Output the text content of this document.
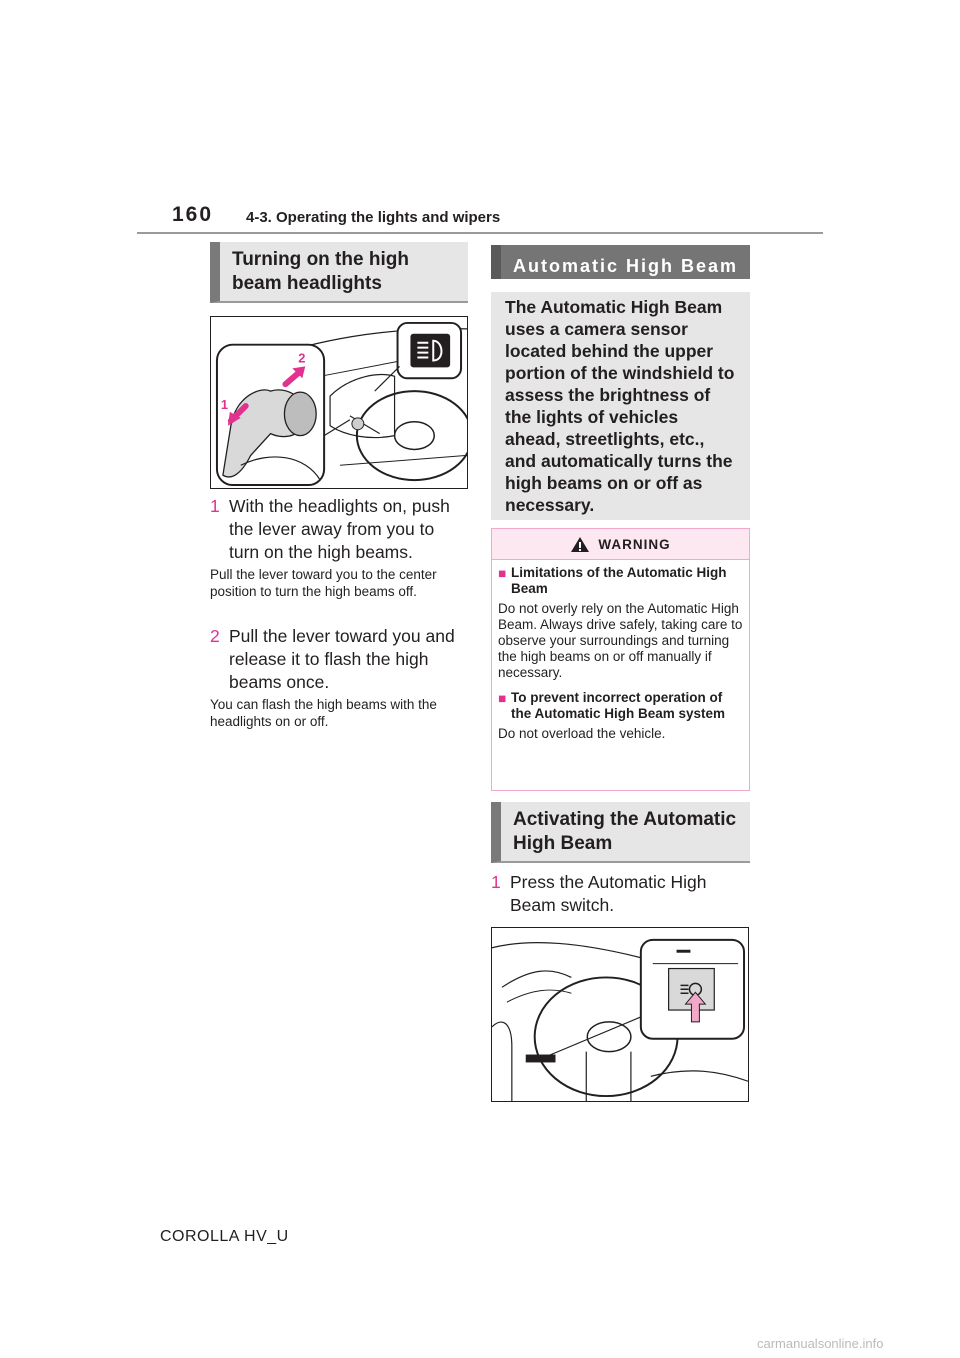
160 4-3. Operating the lights and wipers
Turning on the high beam headlights
1
2
1 With the headlights on, push the lever away from you to turn on the high beams.
Pull the lever toward you to the center position to turn the high beams off.
2 Pull the lever toward you and release it to flash the high beams once.
You can flash the high beams with the headlights on or off.
Automatic High Beam
The Automatic High Beam uses a camera sensor located behind the upper portion of the windshield to assess the brightness of the lights of vehicles ahead, streetlights, etc., and automatically turns the high beams on or off as necessary.
WARNING
■ Limitations of the Automatic High Beam
Do not overly rely on the Automatic High Beam. Always drive safely, taking care to observe your surroundings and turning the high beams on or off manually if necessary.
■ To prevent incorrect operation of the Automatic High Beam system
Do not overload the vehicle.
Activating the Automatic High Beam
1 Press the Automatic High Beam switch.
COROLLA HV_U
carmanualsonline.info
